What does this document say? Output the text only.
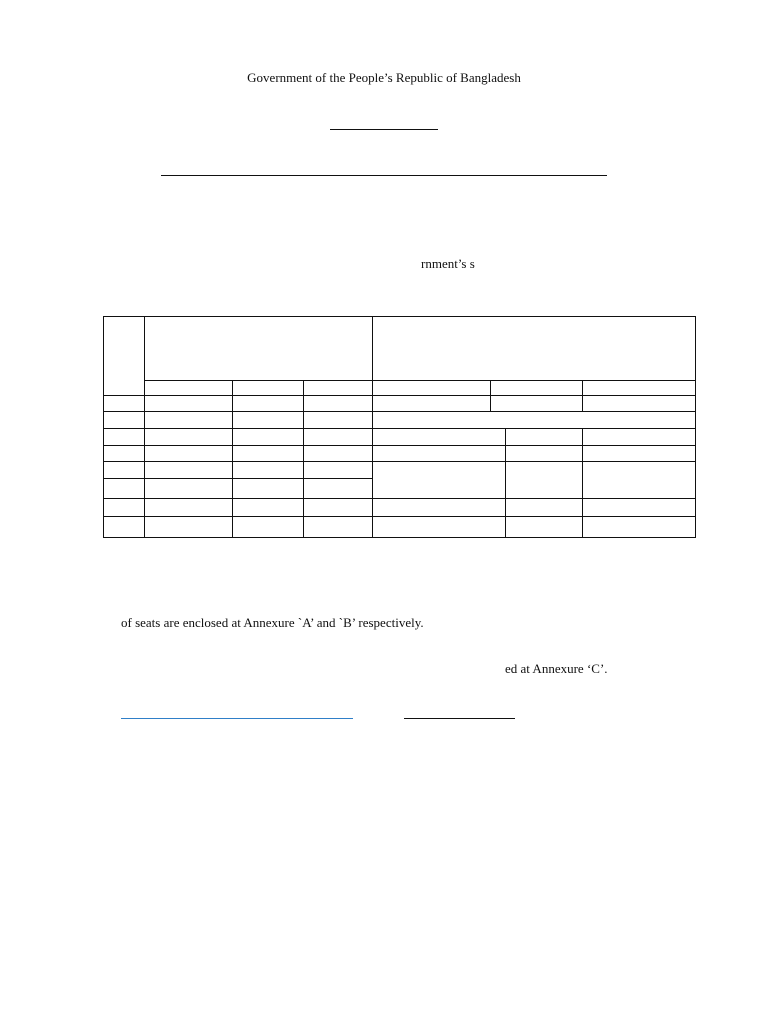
Government of the People’s Republic of Bangladesh
rnment’s s
of seats are enclosed at Annexure `A’ and `B’ respectively.
ed at Annexure ‘C’.
